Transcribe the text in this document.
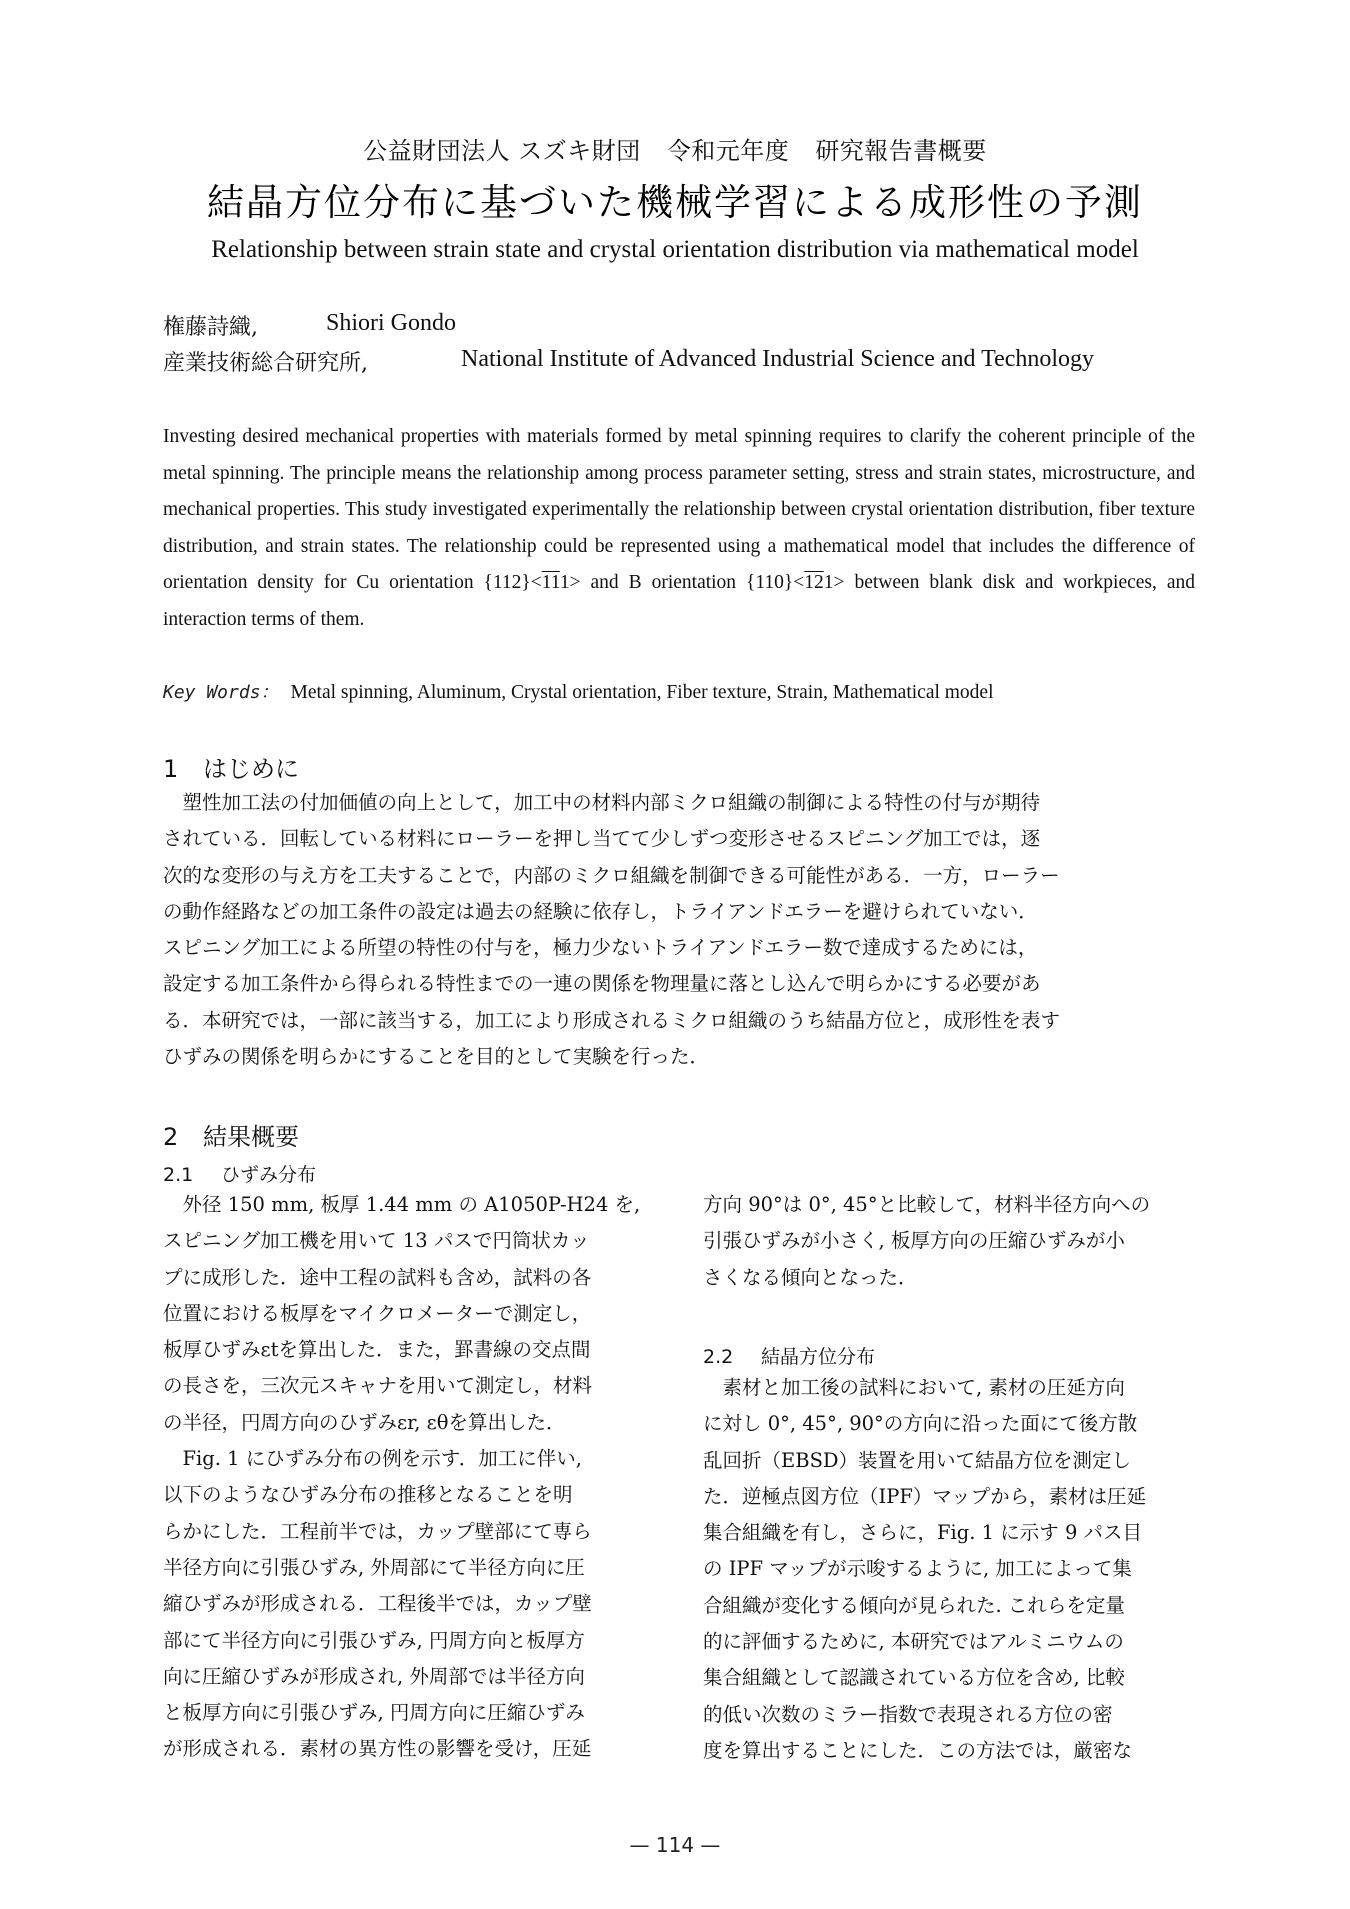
公益財団法人 スズキ財団 令和元年度 研究報告書概要
結晶方位分布に基づいた機械学習による成形性の予測
Relationship between strain state and crystal orientation distribution via mathematical model
権藤詩織,	Shiori Gondo
産業技術総合研究所,	National Institute of Advanced Industrial Science and Technology
Investing desired mechanical properties with materials formed by metal spinning requires to clarify the coherent principle of the metal spinning. The principle means the relationship among process parameter setting, stress and strain states, microstructure, and mechanical properties. This study investigated experimentally the relationship between crystal orientation distribution, fiber texture distribution, and strain states. The relationship could be represented using a mathematical model that includes the difference of orientation density for Cu orientation {112}<111> and B orientation {110}<121> between blank disk and workpieces, and interaction terms of them.
Key Words： Metal spinning, Aluminum, Crystal orientation, Fiber texture, Strain, Mathematical model
1 はじめに
塑性加工法の付加価値の向上として，加工中の材料内部ミクロ組織の制御による特性の付与が期待
されている．回転している材料にローラーを押し当てて少しずつ変形させるスピニング加工では，逐
次的な変形の与え方を工夫することで，内部のミクロ組織を制御できる可能性がある．一方，ローラー
の動作経路などの加工条件の設定は過去の経験に依存し，トライアンドエラーを避けられていない．
スピニング加工による所望の特性の付与を，極力少ないトライアンドエラー数で達成するためには，
設定する加工条件から得られる特性までの一連の関係を物理量に落とし込んで明らかにする必要があ
る．本研究では，一部に該当する，加工により形成されるミクロ組織のうち結晶方位と，成形性を表す
ひずみの関係を明らかにすることを目的として実験を行った．
2 結果概要
2.1 ひずみ分布
外径 150 mm, 板厚 1.44 mm の A1050P-H24 を,
スピニング加工機を用いて 13 パスで円筒状カッ
プに成形した．途中工程の試料も含め，試料の各
位置における板厚をマイクロメーターで測定し，
板厚ひずみεtを算出した．また，罫書線の交点間
の長さを，三次元スキャナを用いて測定し，材料
の半径，円周方向のひずみεr, εθを算出した．
Fig. 1 にひずみ分布の例を示す．加工に伴い,
以下のようなひずみ分布の推移となることを明
らかにした．工程前半では，カップ壁部にて専ら
半径方向に引張ひずみ, 外周部にて半径方向に圧
縮ひずみが形成される．工程後半では，カップ壁
部にて半径方向に引張ひずみ, 円周方向と板厚方
向に圧縮ひずみが形成され, 外周部では半径方向
と板厚方向に引張ひずみ, 円周方向に圧縮ひずみ
が形成される．素材の異方性の影響を受け，圧延
方向 90°は 0°, 45°と比較して，材料半径方向への
引張ひずみが小さく, 板厚方向の圧縮ひずみが小
さくなる傾向となった．
2.2 結晶方位分布
素材と加工後の試料において, 素材の圧延方向
に対し 0°, 45°, 90°の方向に沿った面にて後方散
乱回折（EBSD）装置を用いて結晶方位を測定し
た．逆極点図方位（IPF）マップから，素材は圧延
集合組織を有し，さらに，Fig. 1 に示す 9 パス目
の IPF マップが示唆するように, 加工によって集
合組織が変化する傾向が見られた. これらを定量
的に評価するために, 本研究ではアルミニウムの
集合組織として認識されている方位を含め, 比較
的低い次数のミラー指数で表現される方位の密
度を算出することにした．この方法では，厳密な
— 114 —
